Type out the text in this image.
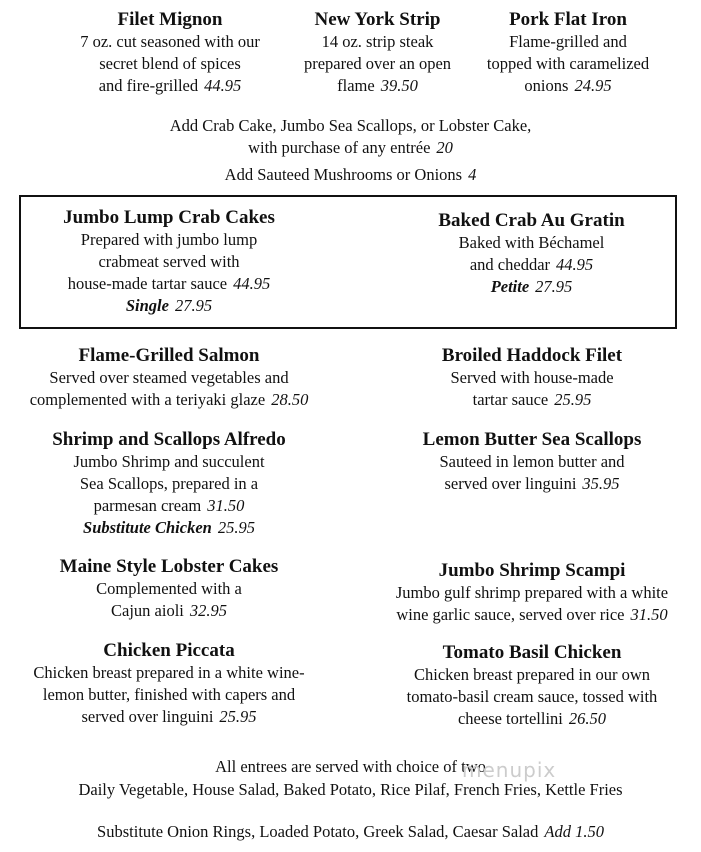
Filet Mignon
7 oz. cut seasoned with our
secret blend of spices
and fire-grilled 44.95
New York Strip
14 oz. strip steak
prepared over an open
flame 39.50
Pork Flat Iron
Flame-grilled and
topped with caramelized
onions 24.95
Add Crab Cake, Jumbo Sea Scallops, or Lobster Cake,
with purchase of any entrée 20
Add Sauteed Mushrooms or Onions 4
Jumbo Lump Crab Cakes
Prepared with jumbo lump
crabmeat served with
house-made tartar sauce 44.95
Single 27.95
Baked Crab Au Gratin
Baked with Béchamel
and cheddar 44.95
Petite 27.95
Flame-Grilled Salmon
Served over steamed vegetables and
complemented with a teriyaki glaze 28.50
Broiled Haddock Filet
Served with house-made
tartar sauce 25.95
Shrimp and Scallops Alfredo
Jumbo Shrimp and succulent
Sea Scallops, prepared in a
parmesan cream 31.50
Substitute Chicken 25.95
Lemon Butter Sea Scallops
Sauteed in lemon butter and
served over linguini 35.95
Maine Style Lobster Cakes
Complemented with a
Cajun aioli 32.95
Jumbo Shrimp Scampi
Jumbo gulf shrimp prepared with a white
wine garlic sauce, served over rice 31.50
Chicken Piccata
Chicken breast prepared in a white wine-
lemon butter, finished with capers and
served over linguini 25.95
Tomato Basil Chicken
Chicken breast prepared in our own
tomato-basil cream sauce, tossed with
cheese tortellini 26.50
All entrees are served with choice of two
Daily Vegetable, House Salad, Baked Potato, Rice Pilaf, French Fries, Kettle Fries
Substitute Onion Rings, Loaded Potato, Greek Salad, Caesar Salad Add 1.50
menupix
